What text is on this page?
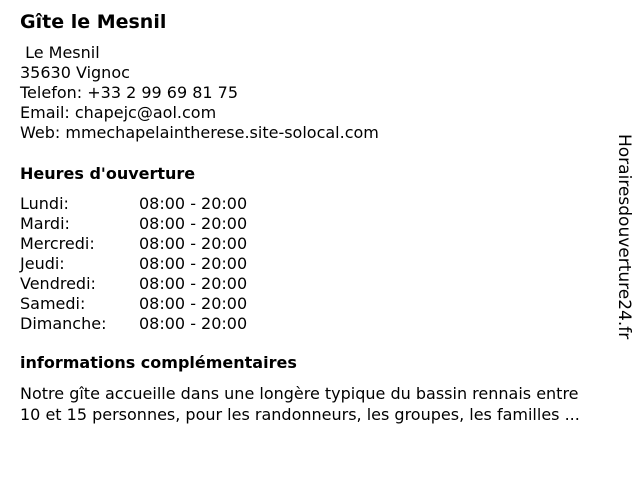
Gîte le Mesnil
Le Mesnil
35630 Vignoc
Telefon: +33 2 99 69 81 75
Email: chapejc@aol.com
Web: mmechapelaintherese.site-solocal.com
Heures d'ouverture
Lundi:	08:00 - 20:00
Mardi:	08:00 - 20:00
Mercredi:	08:00 - 20:00
Jeudi:	08:00 - 20:00
Vendredi:	08:00 - 20:00
Samedi:	08:00 - 20:00
Dimanche:	08:00 - 20:00
informations complémentaires
Notre gîte accueille dans une longère typique du bassin rennais entre
10 et 15 personnes, pour les randonneurs, les groupes, les familles ...
Horairesdouverture24.fr
